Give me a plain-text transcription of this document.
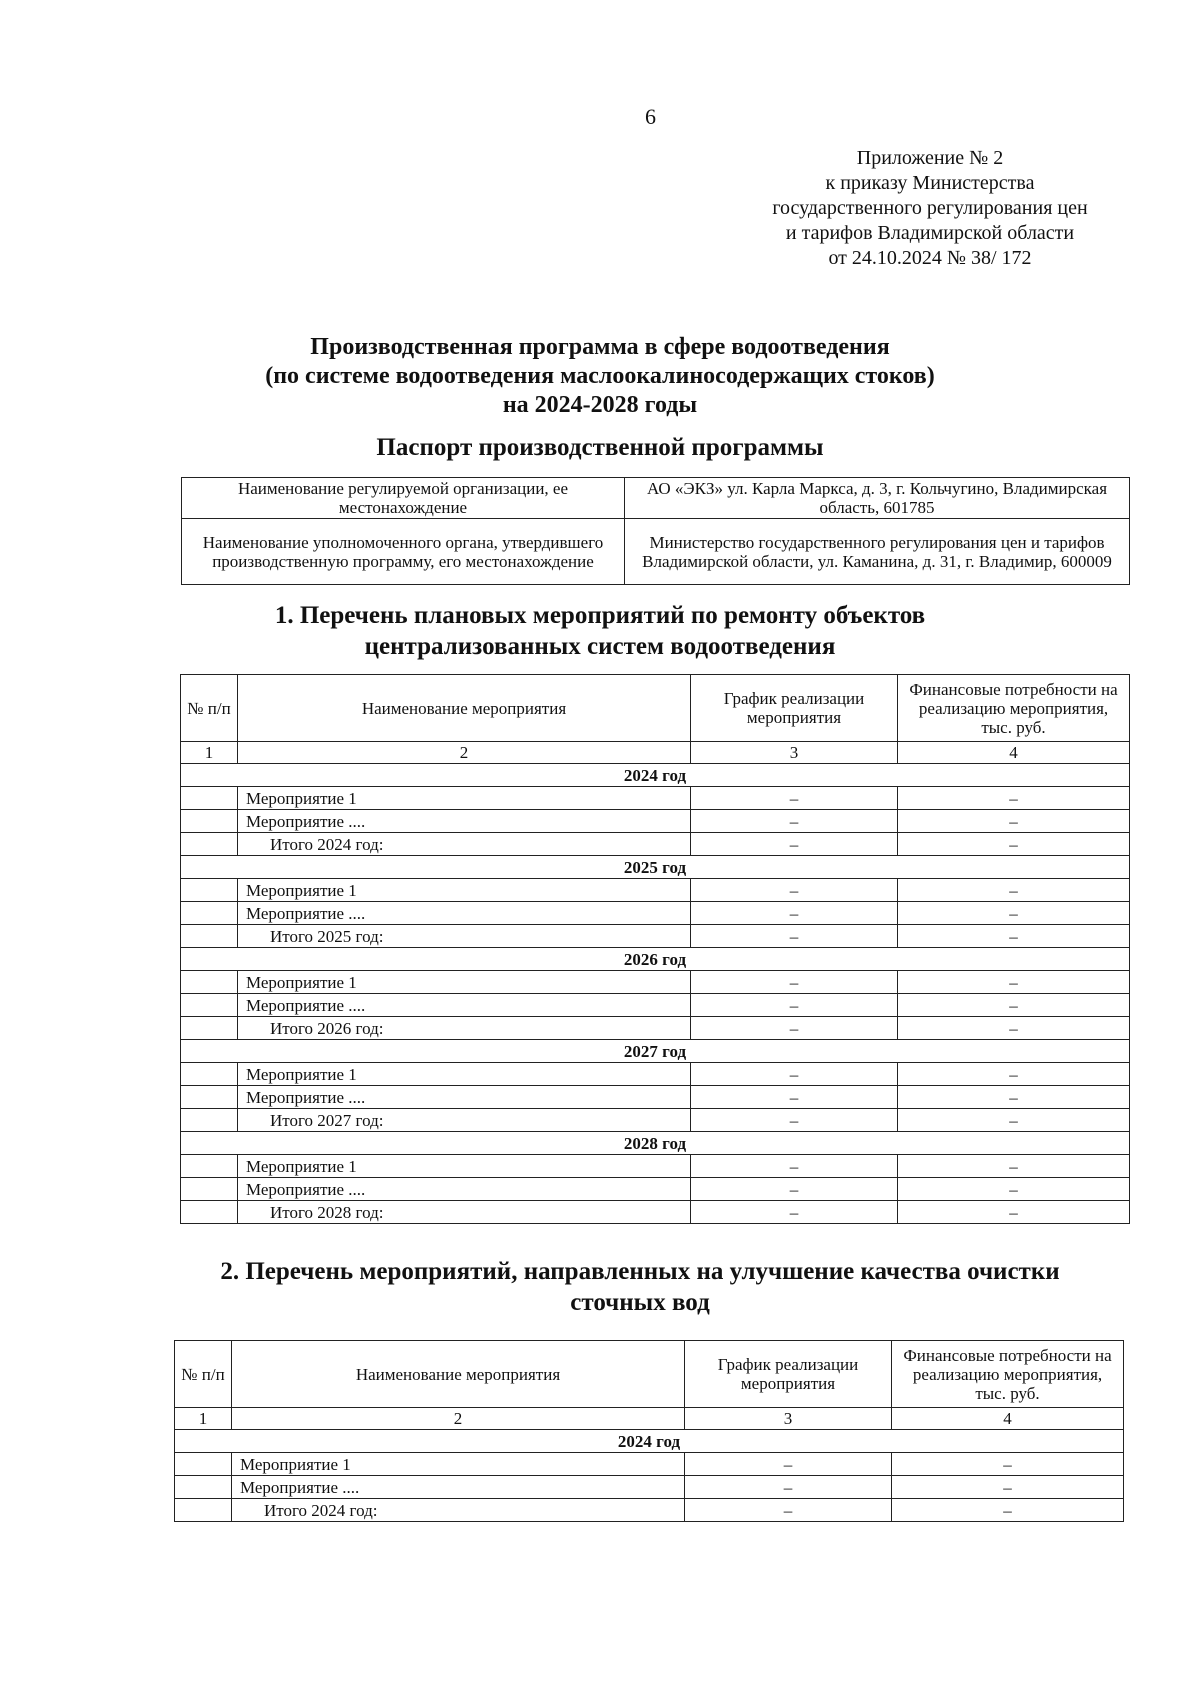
6
Приложение № 2
к приказу Министерства
государственного регулирования цен
и тарифов Владимирской области
от 24.10.2024 № 38/ 172
Производственная программа в сфере водоотведения
(по системе водоотведения маслоокалиносодержащих стоков)
на 2024-2028 годы
Паспорт производственной программы
Наименование регулируемой организации, ее местонахождение	АО «ЭКЗ» ул. Карла Маркса, д. 3, г. Кольчугино, Владимирская область, 601785
Наименование уполномоченного органа, утвердившего производственную программу, его местонахождение	Министерство государственного регулирования цен и тарифов Владимирской области, ул. Каманина, д. 31, г. Владимир, 600009
1. Перечень плановых мероприятий по ремонту объектов
централизованных систем водоотведения
№ п/п	Наименование мероприятия	График реализации мероприятия	Финансовые потребности на реализацию мероприятия, тыс. руб.
1	2	3	4
2024 год			
	Мероприятие 1	–	–
	Мероприятие ....	–	–
	Итого 2024 год:	–	–
2025 год			
	Мероприятие 1	–	–
	Мероприятие ....	–	–
	Итого 2025 год:	–	–
2026 год			
	Мероприятие 1	–	–
	Мероприятие ....	–	–
	Итого 2026 год:	–	–
2027 год			
	Мероприятие 1	–	–
	Мероприятие ....	–	–
	Итого 2027 год:	–	–
2028 год			
	Мероприятие 1	–	–
	Мероприятие ....	–	–
	Итого 2028 год:	–	–
2. Перечень мероприятий, направленных на улучшение качества очистки
сточных вод
№ п/п	Наименование мероприятия	График реализации мероприятия	Финансовые потребности на реализацию мероприятия, тыс. руб.
1	2	3	4
2024 год			
	Мероприятие 1	–	–
	Мероприятие ....	–	–
	Итого 2024 год:	–	–
